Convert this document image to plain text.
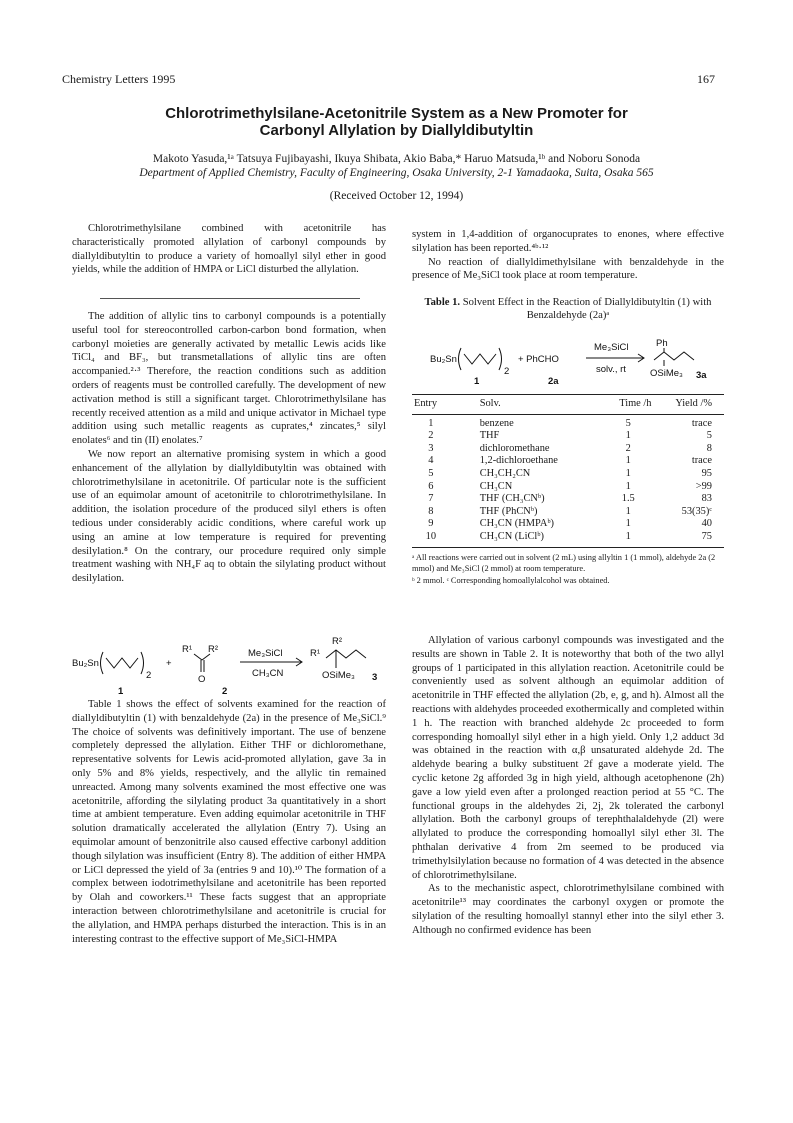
Chemistry Letters 1995	167
Chlorotrimethylsilane-Acetonitrile System as a New Promoter for
Carbonyl Allylation by Diallyldibutyltin
Makoto Yasuda,¹ᵃ Tatsuya Fujibayashi, Ikuya Shibata, Akio Baba,* Haruo Matsuda,¹ᵇ and Noboru Sonoda
Department of Applied Chemistry, Faculty of Engineering, Osaka University, 2-1 Yamadaoka, Suita, Osaka 565
(Received October 12, 1994)

Chlorotrimethylsilane combined with acetonitrile has characteristically promoted allylation of carbonyl compounds by diallyldibutyltin to produce a variety of homoallyl silyl ether in good yields, while the addition of HMPA or LiCl disturbed the allylation.

The addition of allylic tins to carbonyl compounds is a potentially useful tool for stereocontrolled carbon-carbon bond formation, when carbonyl moieties are generally activated by metallic Lewis acids like TiCl₄ and BF₃, but transmetallations of allylic tins are often accompanied.²·³ Therefore, the reaction conditions such as addition orders of reagents must be controlled carefully. The development of new activation method is still a significant target. Chlorotrimethylsilane has recently received attention as a mild and unique activator in Michael type addition using such metallic reagents as cuprates,⁴ zincates,⁵ silyl enolates⁶ and tin (II) enolates.⁷

We now report an alternative promising system in which a good enhancement of the allylation by diallyldibutyltin was obtained with chlorotrimethylsilane in acetonitrile. Of particular note is the sufficient use of an equimolar amount of acetonitrile to chlorotrimethylsilane. In addition, the isolation procedure of the produced silyl ethers is often tedious under considerably acidic conditions, where careful work up using an amine at low temperature is required for preventing desilylation.⁸ On the contrary, our procedure required only simple treatment washing with NH₄F aq to obtain the silylating product without desilylation.

Bu₂Sn
2
1
+
R¹ R²
O
2
Me₃SiCl
CH₃CN
R¹
R²
OSiMe₃ 3

Table 1 shows the effect of solvents examined for the reaction of diallyldibutyltin (1) with benzaldehyde (2a) in the presence of Me₃SiCl.⁹ The choice of solvents was definitively important. The use of benzene completely depressed the allylation. Either THF or dichloromethane, representative solvents for Lewis acid-promoted allylation, gave 3a in only 5% and 8% yields, respectively, and the allylic tin remained unreacted. Among many solvents examined the most effective one was acetonitrile, affording the silylating product 3a quantitatively in a short time at ambient temperature. Even adding equimolar acetonitrile in THF solution dramatically accelerated the allylation (Entry 7). Using an equimolar amount of benzonitrile also caused effective carbonyl addition though silylation was insufficient (Entry 8). The addition of either HMPA or LiCl depressed the yield of 3a (entries 9 and 10).¹⁰ The formation of a complex between iodotrimethylsilane and acetonitrile has been reported by Olah and coworkers.¹¹ These facts suggest that an appropriate interaction between chlorotrimethylsilane and acetonitrile is crucial for the allylation, and HMPA perhaps disturbed the interaction. This is in an interesting contrast to the effective support of Me₃SiCl-HMPA

system in 1,4-addition of organocuprates to enones, where effective silylation has been reported.⁴ᵇ·¹²

No reaction of diallyldimethylsilane with benzaldehyde in the presence of Me₃SiCl took place at room temperature.

Table 1. Solvent Effect in the Reaction of Diallyldibutyltin (1) with Benzaldehyde (2a)ᵃ
Bu₂Sn
2
1
+ PhCHO
2a
Me₃SiCl
solv., rt
Ph
OSiMe₃ 3a
Entry	Solv.	Time /h	Yield /%
1	benzene	5	trace
2	THF	1	5
3	dichloromethane	2	8
4	1,2-dichloroethane	1	trace
5	CH₃CH₂CN	1	95
6	CH₃CN	1	>99
7	THF (CH₃CNᵇ)	1.5	83
8	THF (PhCNᵇ)	1	53(35)ᶜ
9	CH₃CN (HMPAᵇ)	1	40
10	CH₃CN (LiClᵇ)	1	75
ᵃ All reactions were carried out in solvent (2 mL) using allyltin 1 (1 mmol), aldehyde 2a (2 mmol) and Me₃SiCl (2 mmol) at room temperature.
ᵇ 2 mmol. ᶜ Corresponding homoallylalcohol was obtained.

Allylation of various carbonyl compounds was investigated and the results are shown in Table 2. It is noteworthy that both of the two allyl groups of 1 participated in this allylation reaction. Acetonitrile could be conveniently used as solvent although an equimolar addition of acetonitrile in THF effected the allylation (2b, e, g, and h). Almost all the reactions with aldehydes proceeded exothermically and completed within 1 h. The reaction with branched aldehyde 2c proceeded to form corresponding homoallyl silyl ether in a high yield. Only 1,2 adduct 3d was obtained in the reaction with α,β unsaturated aldehyde 2d. The aldehyde bearing a bulky substituent 2f gave a moderate yield. The cyclic ketone 2g afforded 3g in high yield, although acetophenone (2h) gave a low yield even after a prolonged reaction period at 55 °C. The functional groups in the aldehydes 2i, 2j, 2k tolerated the carbonyl allylation. Both the carbonyl groups of terephthalaldehyde (2l) were allylated to produce the corresponding homoallyl silyl ether 3l. The phthalan derivative 4 from 2m seemed to be produced via trimethylsilylation because no formation of 4 was detected in the absence of chlorotrimethylsilane.

As to the mechanistic aspect, chlorotrimethylsilane combined with acetonitrile¹³ may coordinates the carbonyl oxygen or promote the silylation of the resulting homoallyl stannyl ether into the silyl ether 3. Although no confirmed evidence has been
